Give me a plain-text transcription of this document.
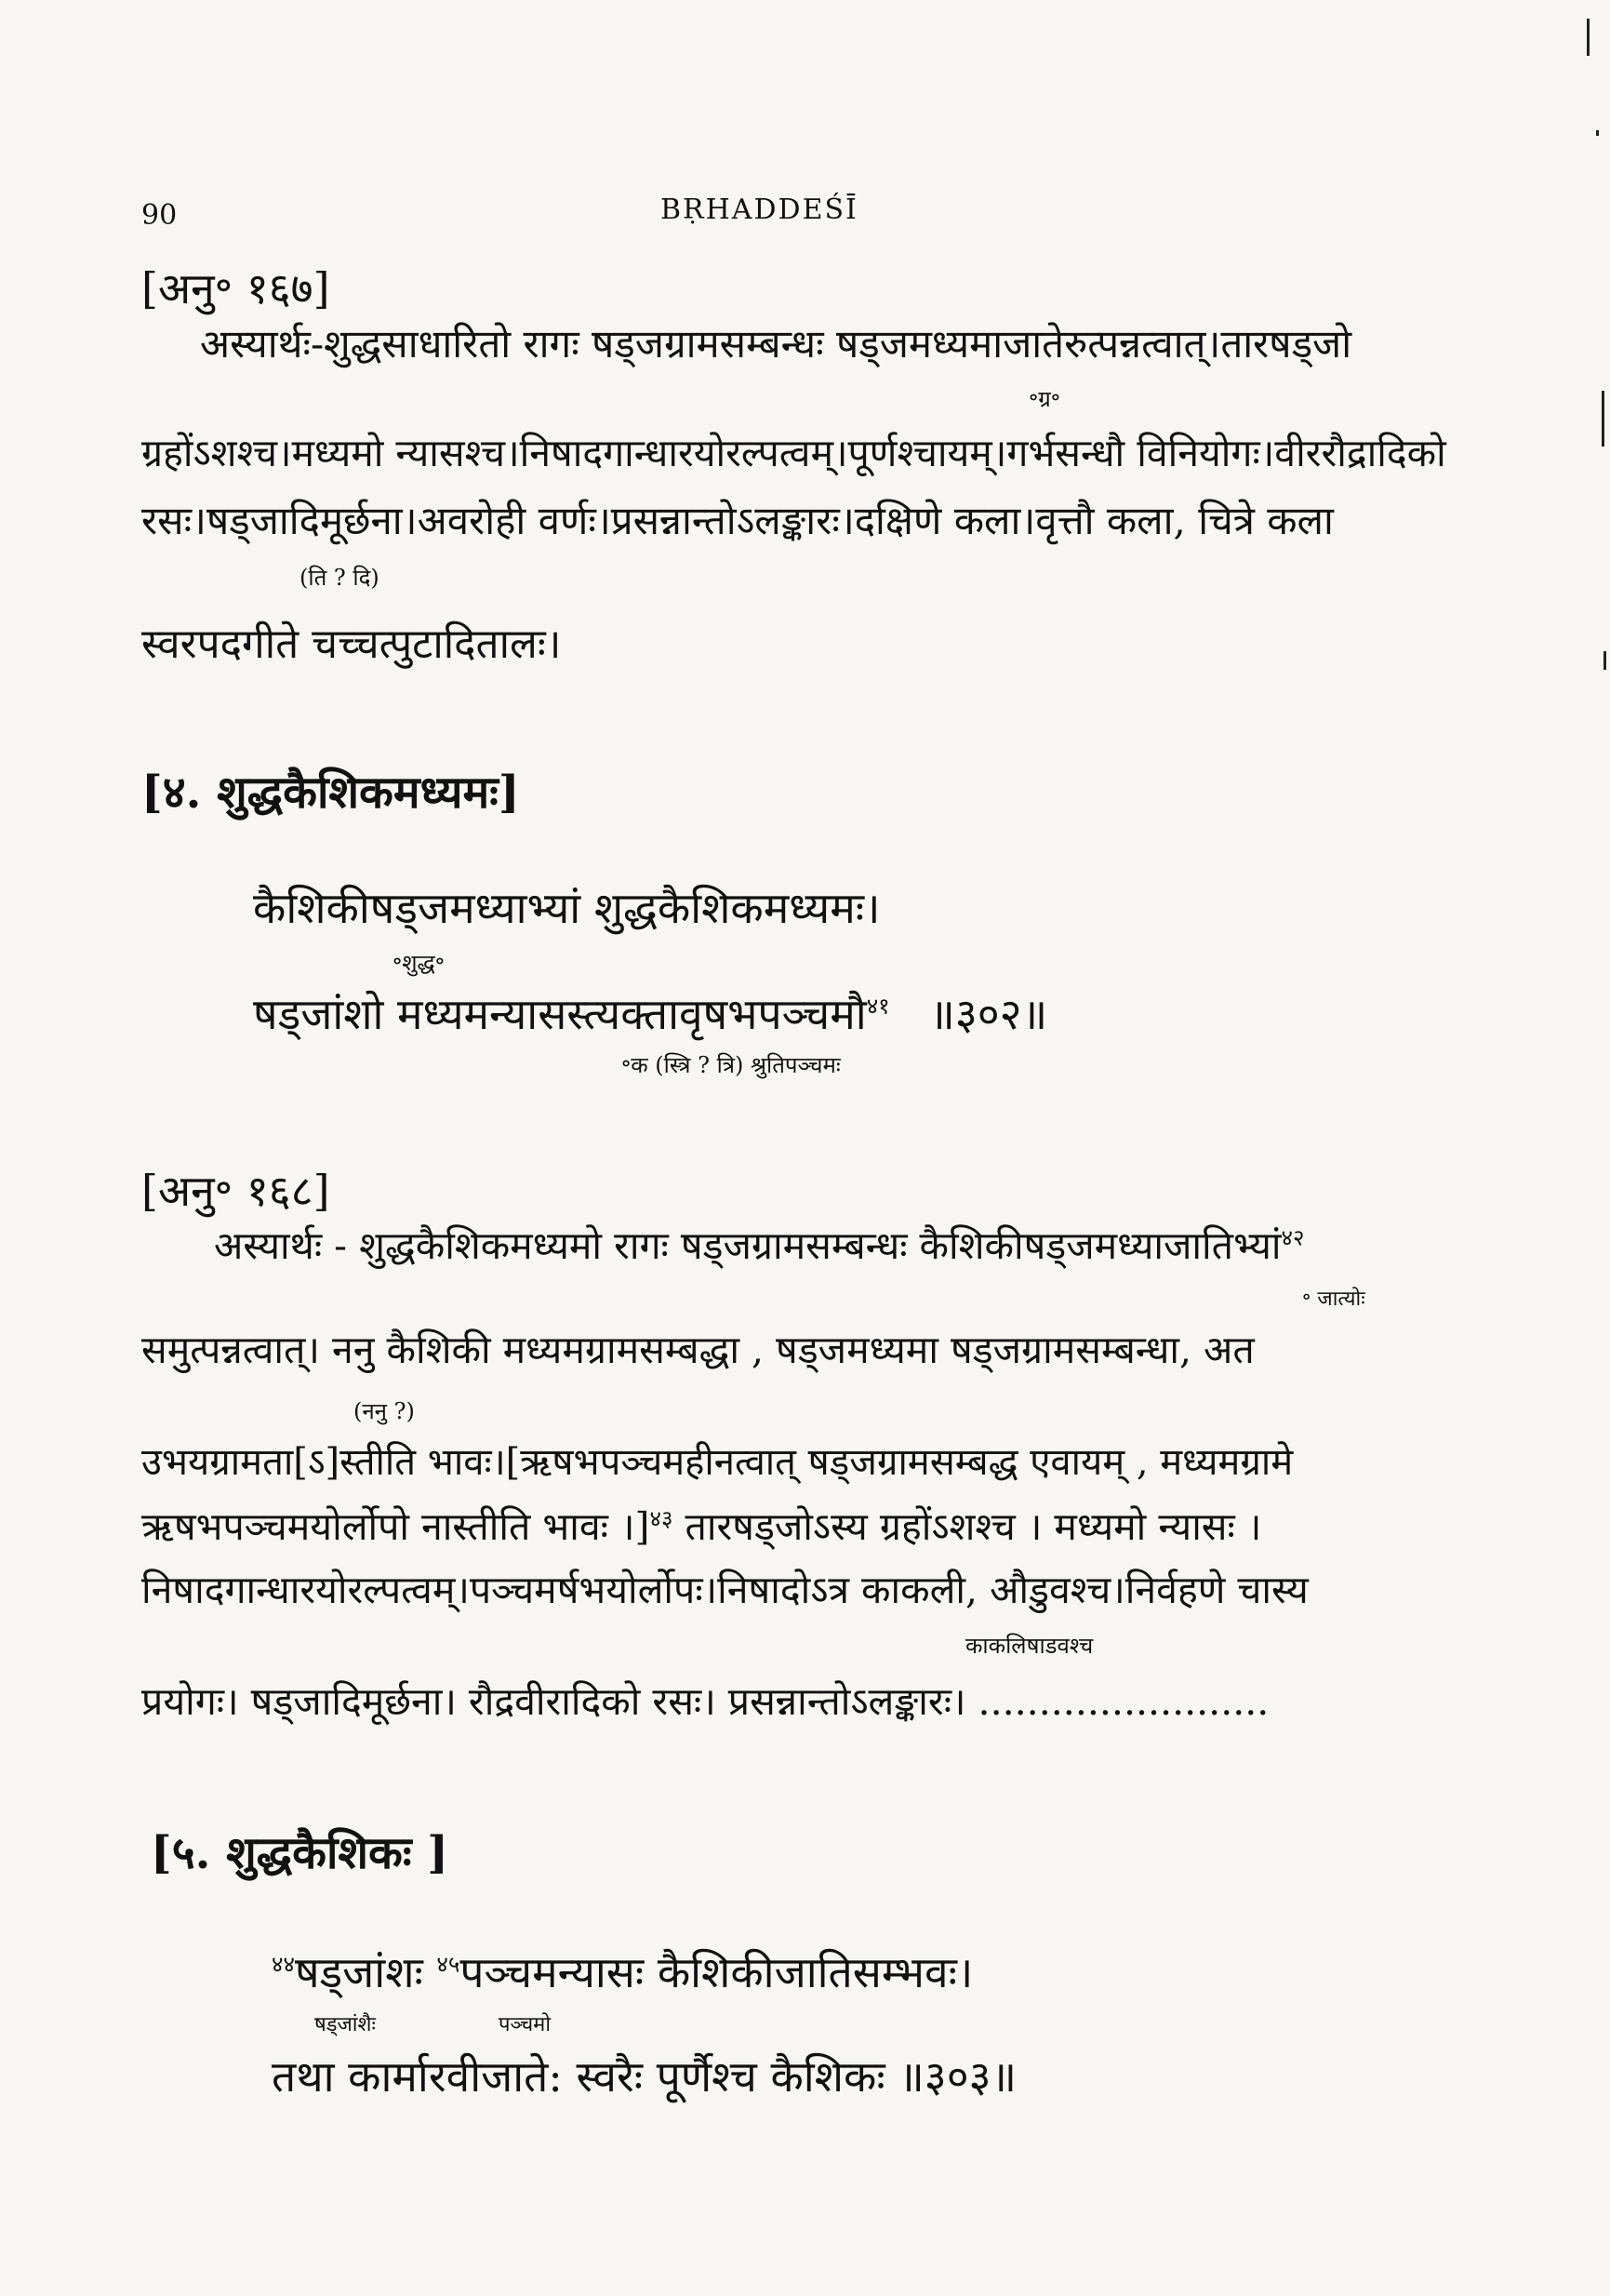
90	BṚHADDEŚĪ
[अनु॰ १६७]
अस्यार्थः-शुद्धसाधारितो रागः षड्जग्रामसम्बन्धः षड्जमध्यमाजातेरुत्पन्नत्वात्।तारषड्जो
॰ग्र॰
ग्रहोंऽशश्च।मध्यमो न्यासश्च।निषादगान्धारयोरल्पत्वम्।पूर्णश्चायम्।गर्भसन्धौ विनियोगः।वीररौद्रादिको
रसः।षड्जादिमूर्छना।अवरोही वर्णः।प्रसन्नान्तोऽलङ्कारः।दक्षिणे कला।वृत्तौ कला, चित्रे कला
(ति ? दि)
स्वरपदगीते चच्चत्पुटादितालः।
[४. शुद्धकैशिकमध्यमः]
कैशिकीषड्जमध्याभ्यां शुद्धकैशिकमध्यमः।
॰शुद्ध॰
षड्जांशो मध्यमन्यासस्त्यक्तावृषभपञ्चमौ$^{४१}$ ॥३०२॥
॰क (स्त्रि ? त्रि) श्रुतिपञ्चमः
[अनु॰ १६८]
अस्यार्थः - शुद्धकैशिकमध्यमो रागः षड्जग्रामसम्बन्धः कैशिकीषड्जमध्याजातिभ्यां$^{४२}$
॰ जात्योः
समुत्पन्नत्वात्। ननु कैशिकी मध्यमग्रामसम्बद्धा , षड्जमध्यमा षड्जग्रामसम्बन्धा, अत
(ननु ?)
उभयग्रामता[ऽ]स्तीति भावः।[ऋषभपञ्चमहीनत्वात् षड्जग्रामसम्बद्ध एवायम् , मध्यमग्रामे
ऋषभपञ्चमयोर्लोपो नास्तीति भावः ।]$^{४३}$ तारषड्जोऽस्य ग्रहोंऽशश्च । मध्यमो न्यासः ।
निषादगान्धारयोरल्पत्वम्।पञ्चमर्षभयोर्लोपः।निषादोऽत्र काकली, औडुवश्च।निर्वहणे चास्य
काकलिषाडवश्च
प्रयोगः। षड्जादिमूर्छना। रौद्रवीरादिको रसः। प्रसन्नान्तोऽलङ्कारः। ........................
[५. शुद्धकैशिकः ]
$^{४४}$षड्जांशः $^{४५}$पञ्चमन्यासः कैशिकीजातिसम्भवः।
षड्जांशैः	पञ्चमो
तथा कार्मारवीजाते: स्वरैः पूर्णैश्च कैशिकः ॥३०३॥
